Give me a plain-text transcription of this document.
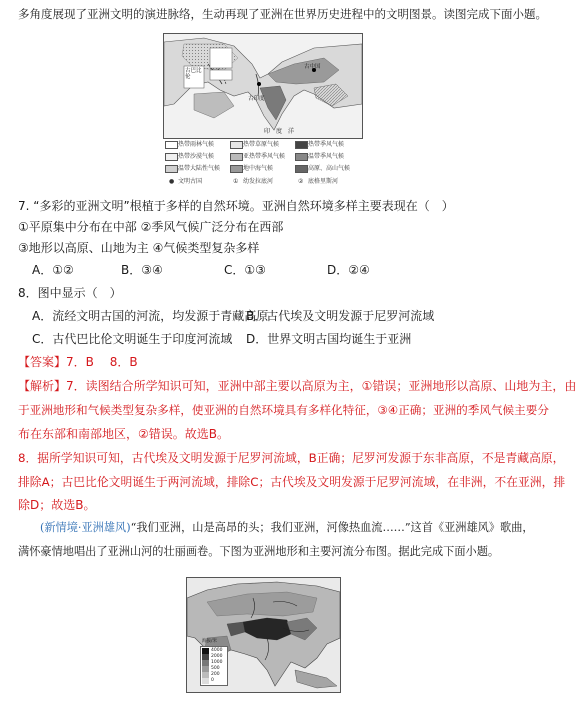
多角度展现了亚洲文明的演进脉络，生动再现了亚洲在世界历史进程中的文明图景。读图完成下面小题。
古巴比伦
古印度
古中国
印度洋
热带雨林气候	热带草原气候	热带季风气候
热带沙漠气候	亚热带季风气候	温带季风气候
温带大陆性气候	地中海气候	高原、高山气候
● 文明古国	① 幼发拉底河	② 底格里斯河
7. “多彩的亚洲文明”根植于多样的自然环境。亚洲自然环境多样主要表现在（　）
①平原集中分布在中部 ②季风气候广泛分布在西部
③地形以高原、山地为主 ④气候类型复杂多样
A．①②	B．③④	C．①③	D．②④
8．图中显示（　）
A．流经文明古国的河流，均发源于青藏高原
B．古代埃及文明发源于尼罗河流域
C．古代巴比伦文明诞生于印度河流域 D．世界文明古国均诞生于亚洲
【答案】7．B　 8．B
【解析】7．读图结合所学知识可知，亚洲中部主要以高原为主，①错误；亚洲地形以高原、山地为主，由
于亚洲地形和气候类型复杂多样，使亚洲的自然环境具有多样化特征，③④正确；亚洲的季风气候主要分
布在东部和南部地区，②错误。故选B。
8．据所学知识可知，古代埃及文明发源于尼罗河流域，B正确；尼罗河发源于东非高原，不是青藏高原，
排除A；古巴比伦文明诞生于两河流域，排除C；古代埃及文明发源于尼罗河流域，在非洲，不在亚洲，排
除D；故选B。
(新情境·亚洲雄风)“我们亚洲，山是高昂的头；我们亚洲，河像热血流……”这首《亚洲雄风》歌曲，
满怀豪情地唱出了亚洲山河的壮丽画卷。下图为亚洲地形和主要河流分布图。据此完成下面小题。
海拔/米
4000
2000
1000
500
200
0
